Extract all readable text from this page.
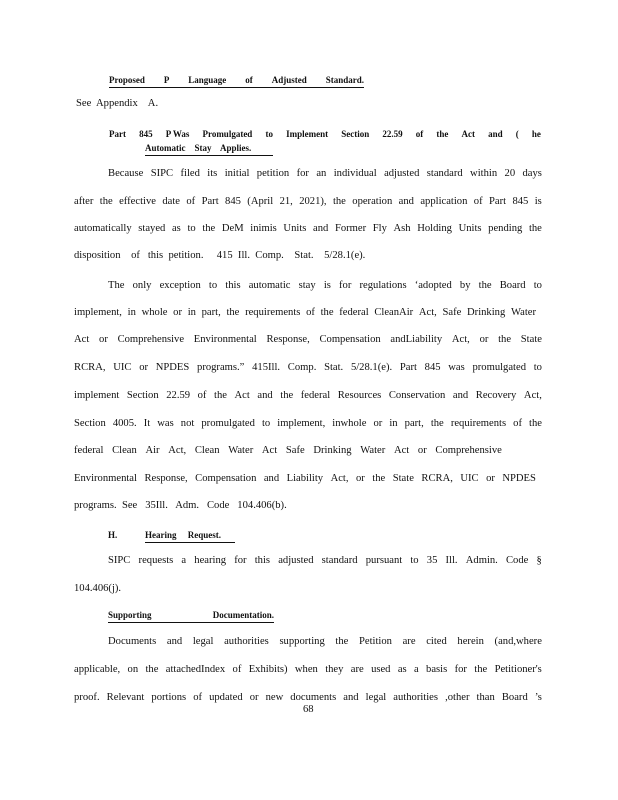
Proposed P Language of Adjusted Standard.
See  Appendix    A.
Part 845 P Was Promulgated to Implement Section 22.59 of the Act and ( he
Automatic    Stay    Applies.
Because SIPC filed its initial petition for an individual adjusted standard within 20 days
after the effective date of Part 845 (April 21, 2021), the operation and application of Part 845 is
automatically stayed as to the DeM inimis Units and Former Fly Ash Holding Units pending the
disposition    of   this  petition.     415  Ill.  Comp.    Stat.    5/28.1(e).
The only exception to this automatic stay is for regulations ‘adopted by the Board to
implement, in whole or in part, the requirements of the federal CleanAir Act, Safe Drinking Water
Act or Comprehensive Environmental Response, Compensation andLiability Act, or the State
RCRA, UIC or NPDES programs.” 415Ill. Comp. Stat. 5/28.1(e). Part 845 was promulgated to
implement Section 22.59 of the Act and the federal Resources Conservation and Recovery Act,
Section 4005. It was not promulgated to implement, inwhole or in part, the requirements of the
federal Clean Air Act, Clean Water Act Safe Drinking Water Act or Comprehensive
Environmental Response, Compensation and Liability Act, or the State RCRA, UIC or NPDES
programs.  See   35Ill.   Adm.   Code   104.406(b).
H.	Hearing     Request.
SIPC requests a hearing for this adjusted standard pursuant to 35 Ill. Admin. Code §
104.406(j).
Supporting	Documentation.
Documents and legal authorities supporting the Petition are cited herein (and,where
applicable, on the attachedIndex of Exhibits) when they are used as a basis for the Petitioner's
proof. Relevant portions of updated or new documents and legal authorities ,other than Board ’s
68
